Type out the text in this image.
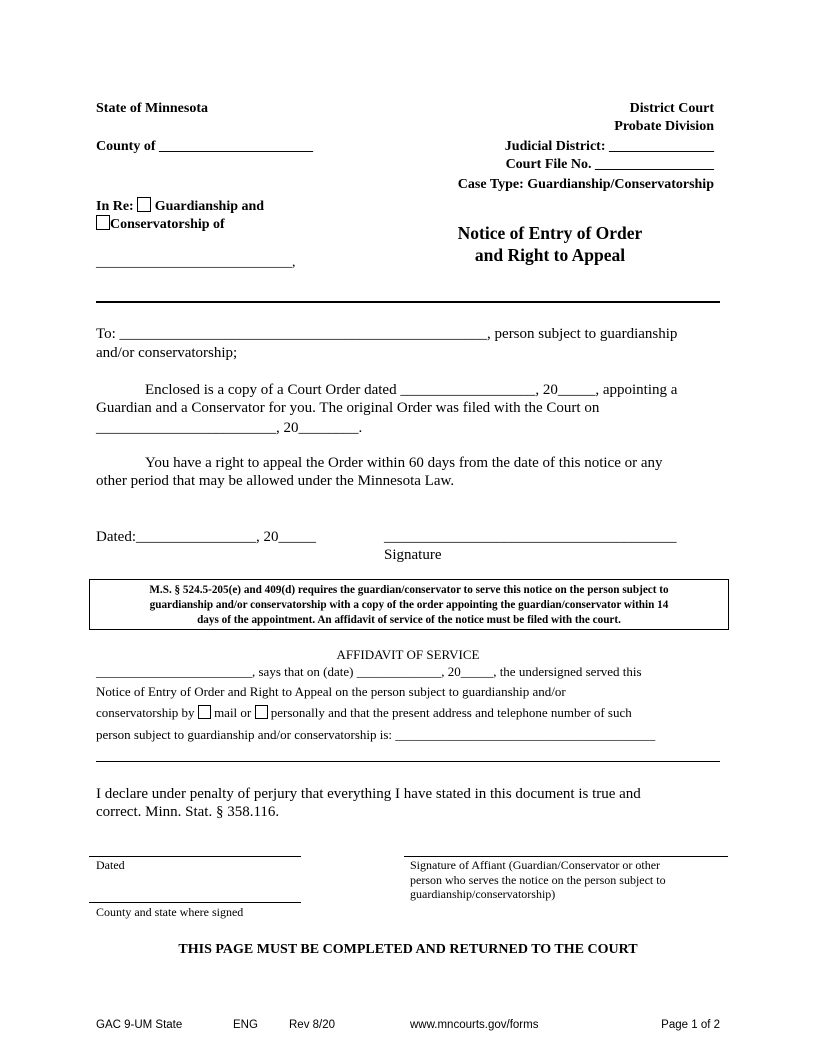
State of Minnesota
County of ______________________
District Court
Probate Division
Judicial District: _______________
Court File No. _________________
Case Type: Guardianship/Conservatorship
In Re: Guardianship and
Conservatorship of
____________________________,
Notice of Entry of Order
and Right to Appeal
To: _________________________________________________, person subject to guardianship
and/or conservatorship;
Enclosed is a copy of a Court Order dated __________________, 20_____, appointing a
Guardian and a Conservator for you. The original Order was filed with the Court on
________________________, 20________.
You have a right to appeal the Order within 60 days from the date of this notice or any
other period that may be allowed under the Minnesota Law.
Dated:________________, 20_____	_______________________________________
Signature
M.S. § 524.5-205(e) and 409(d) requires the guardian/conservator to serve this notice on the person subject to
guardianship and/or conservatorship with a copy of the order appointing the guardian/conservator within 14
days of the appointment. An affidavit of service of the notice must be filed with the court.
AFFIDAVIT OF SERVICE
________________________, says that on (date) _____________, 20_____, the undersigned served this
Notice of Entry of Order and Right to Appeal on the person subject to guardianship and/or
conservatorship by mail or personally and that the present address and telephone number of such
person subject to guardianship and/or conservatorship is: ________________________________________
I declare under penalty of perjury that everything I have stated in this document is true and
correct. Minn. Stat. § 358.116.
Dated
County and state where signed
Signature of Affiant (Guardian/Conservator or other
person who serves the notice on the person subject to
guardianship/conservatorship)
THIS PAGE MUST BE COMPLETED AND RETURNED TO THE COURT
GAC 9-UM State	ENG	Rev 8/20	www.mncourts.gov/forms	Page 1 of 2
